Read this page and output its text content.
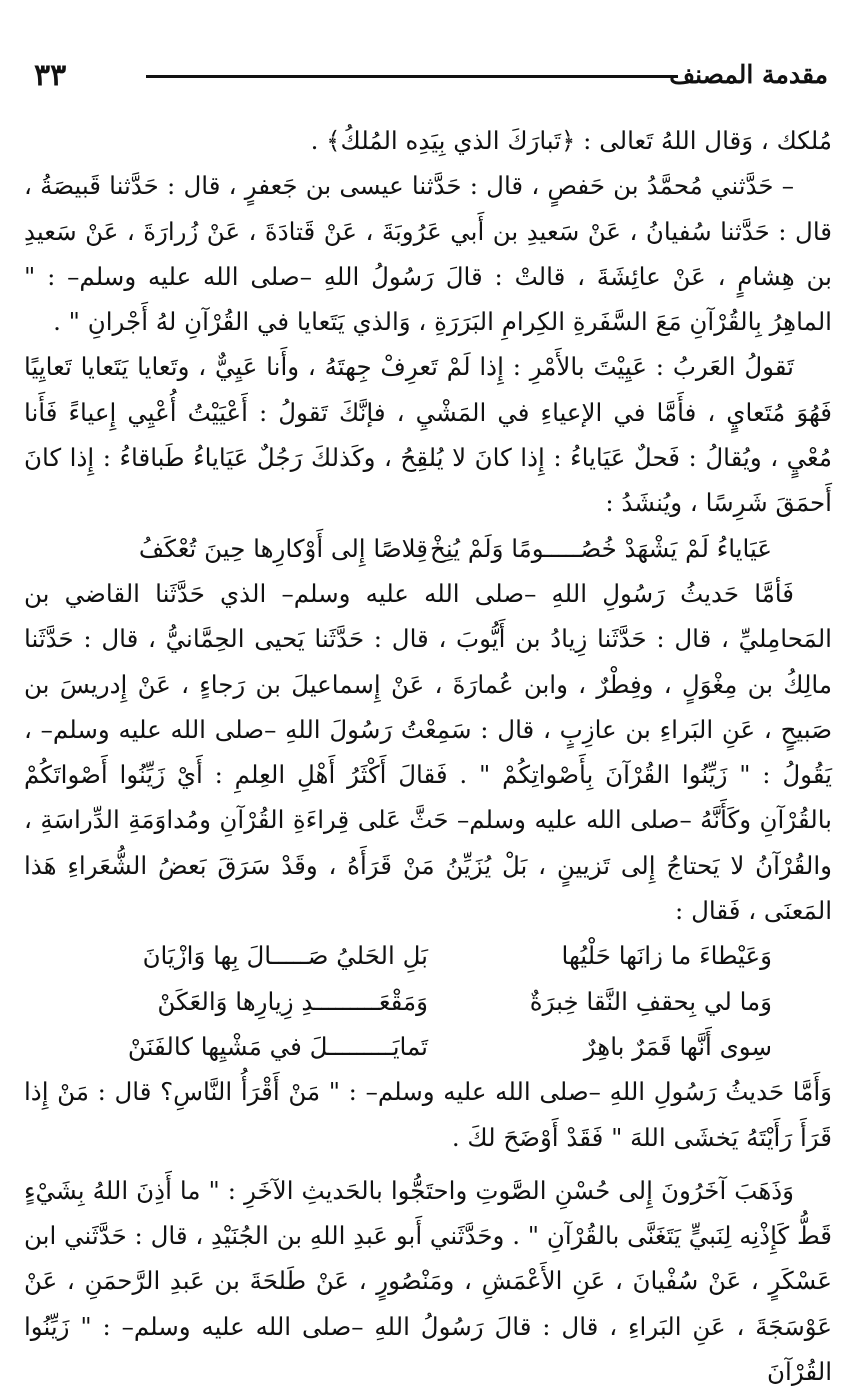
٣٣	مقدمة المصنف

مُلكك ، وَقال اللهُ تَعالى : ﴿تَبارَكَ الذي بِيَدِه المُلكُ﴾ .

– حَدَّثني مُحمَّدُ بن حَفصٍ ، قال : حَدَّثنا عيسى بن جَعفرٍ ، قال : حَدَّثنا قَبيصَةُ ، قال : حَدَّثنا سُفيانُ ، عَنْ سَعيدِ بن أَبي عَرُوبَةَ ، عَنْ قَتادَةَ ، عَنْ زُرارَةَ ، عَنْ سَعيدِ بن هِشامٍ ، عَنْ عائِشَةَ ، قالتْ : قالَ رَسُولُ اللهِ –صلى الله عليه وسلم– : " الماهِرُ بِالقُرْآنِ مَعَ السَّفَرةِ الكِرامِ البَرَرَةِ ، وَالذي يَتَعايا في القُرْآنِ لهُ أَجْرانِ " .

تَقولُ العَربُ : عَيِيْتَ بالأَمْرِ : إِذا لَمْ تَعرِفْ جِهتَهُ ، وأَنا عَيِيٌّ ، وتَعايا يَتَعايا تَعايِيًا فَهُوَ مُتَعايٍ ، فأَمَّا في الإعياءِ في المَشْيِ ، فإنَّكَ تَقولُ : أَعْيَيْتُ أُعْيِي إِعياءً فَأَنا مُعْيٍ ، ويُقالُ : فَحلٌ عَيَاياءُ : إِذا كانَ لا يُلقِحُ ، وكَذلكَ رَجُلٌ عَيَاياءُ طَباقاءُ : إِذا كانَ أَحمَقَ شَرِسًا ، ويُنشَدُ :

عَيَاياءُ لَمْ يَشْهَدْ خُصُـــــومًا وَلَمْ يُنِخْ
قِلاصًا إِلى أَوْكارِها حِينَ تُعْكَفُ

فَأمَّا حَديثُ رَسُولِ اللهِ –صلى الله عليه وسلم– الذي حَدَّثَنا القاضي بن المَحامِليِّ ، قال : حَدَّثَنا زِيادُ بن أَيُّوبَ ، قال : حَدَّثَنا يَحيى الحِمَّانيُّ ، قال : حَدَّثَنا مالِكُ بن مِغْوَلٍ ، وفِطْرٌ ، وابن عُمارَةَ ، عَنْ إِسماعيلَ بن رَجاءٍ ، عَنْ إِدريسَ بن صَبيحٍ ، عَنِ البَراءِ بن عازِبٍ ، قال : سَمِعْتُ رَسُولَ اللهِ –صلى الله عليه وسلم– ، يَقُولُ : " زَيِّنُوا القُرْآنَ بِأَصْواتِكُمْ " . فَقالَ أَكْثَرُ أَهْلِ العِلمِ : أَيْ زَيِّنُوا أَصْواتَكُمْ بالقُرْآنِ وكَأَنَّهُ –صلى الله عليه وسلم– حَثَّ عَلى قِراءَةِ القُرْآنِ ومُداوَمَةِ الدِّراسَةِ ، والقُرْآنُ لا يَحتاجُ إِلى تَزيينٍ ، بَلْ يُزَيِّنُ مَنْ قَرَأَهُ ، وقَدْ سَرَقَ بَعضُ الشُّعَراءِ هَذا المَعنَى ، فَقال :

وَعَيْطاءَ ما زانَها حَلْيُها
بَلِ الحَليُ صَـــــالَ بِها وَازْيَانَ
وَما لي بِحقفِ النَّقا خِبرَةٌ
وَمَقْعَـــــــــدِ زِيارِها وَالعَكَنْ
سِوى أَنَّها قَمَرٌ باهِرٌ
تَمايَـــــــــلَ في مَشْيِها كالفَنَنْ

وَأَمَّا حَديثُ رَسُولِ اللهِ –صلى الله عليه وسلم– : " مَنْ أَقْرَأُ النَّاسِ؟ قال : مَنْ إِذا قَرَأَ رَأَيْتَهُ يَخشَى اللهَ " فَقَدْ أَوْضَحَ لكَ .

وَذَهَبَ آخَرُونَ إِلى حُسْنِ الصَّوتِ واحتَجُّوا بالحَديثِ الآخَرِ : " ما أَذِنَ اللهُ بِشَيْءٍ قَطُّ كَإِذْنِه لِنَبيٍّ يَتَغَنَّى بالقُرْآنِ " . وحَدَّثَني أَبو عَبدِ اللهِ بن الجُنَيْدِ ، قال : حَدَّثَني ابن عَسْكَرٍ ، عَنْ سُفْيانَ ، عَنِ الأَعْمَشِ ، ومَنْصُورٍ ، عَنْ طَلحَةَ بن عَبدِ الرَّحمَنِ ، عَنْ عَوْسَجَةَ ، عَنِ البَراءِ ، قال : قالَ رَسُولُ اللهِ –صلى الله عليه وسلم– : " زَيِّنُوا القُرْآنَ
